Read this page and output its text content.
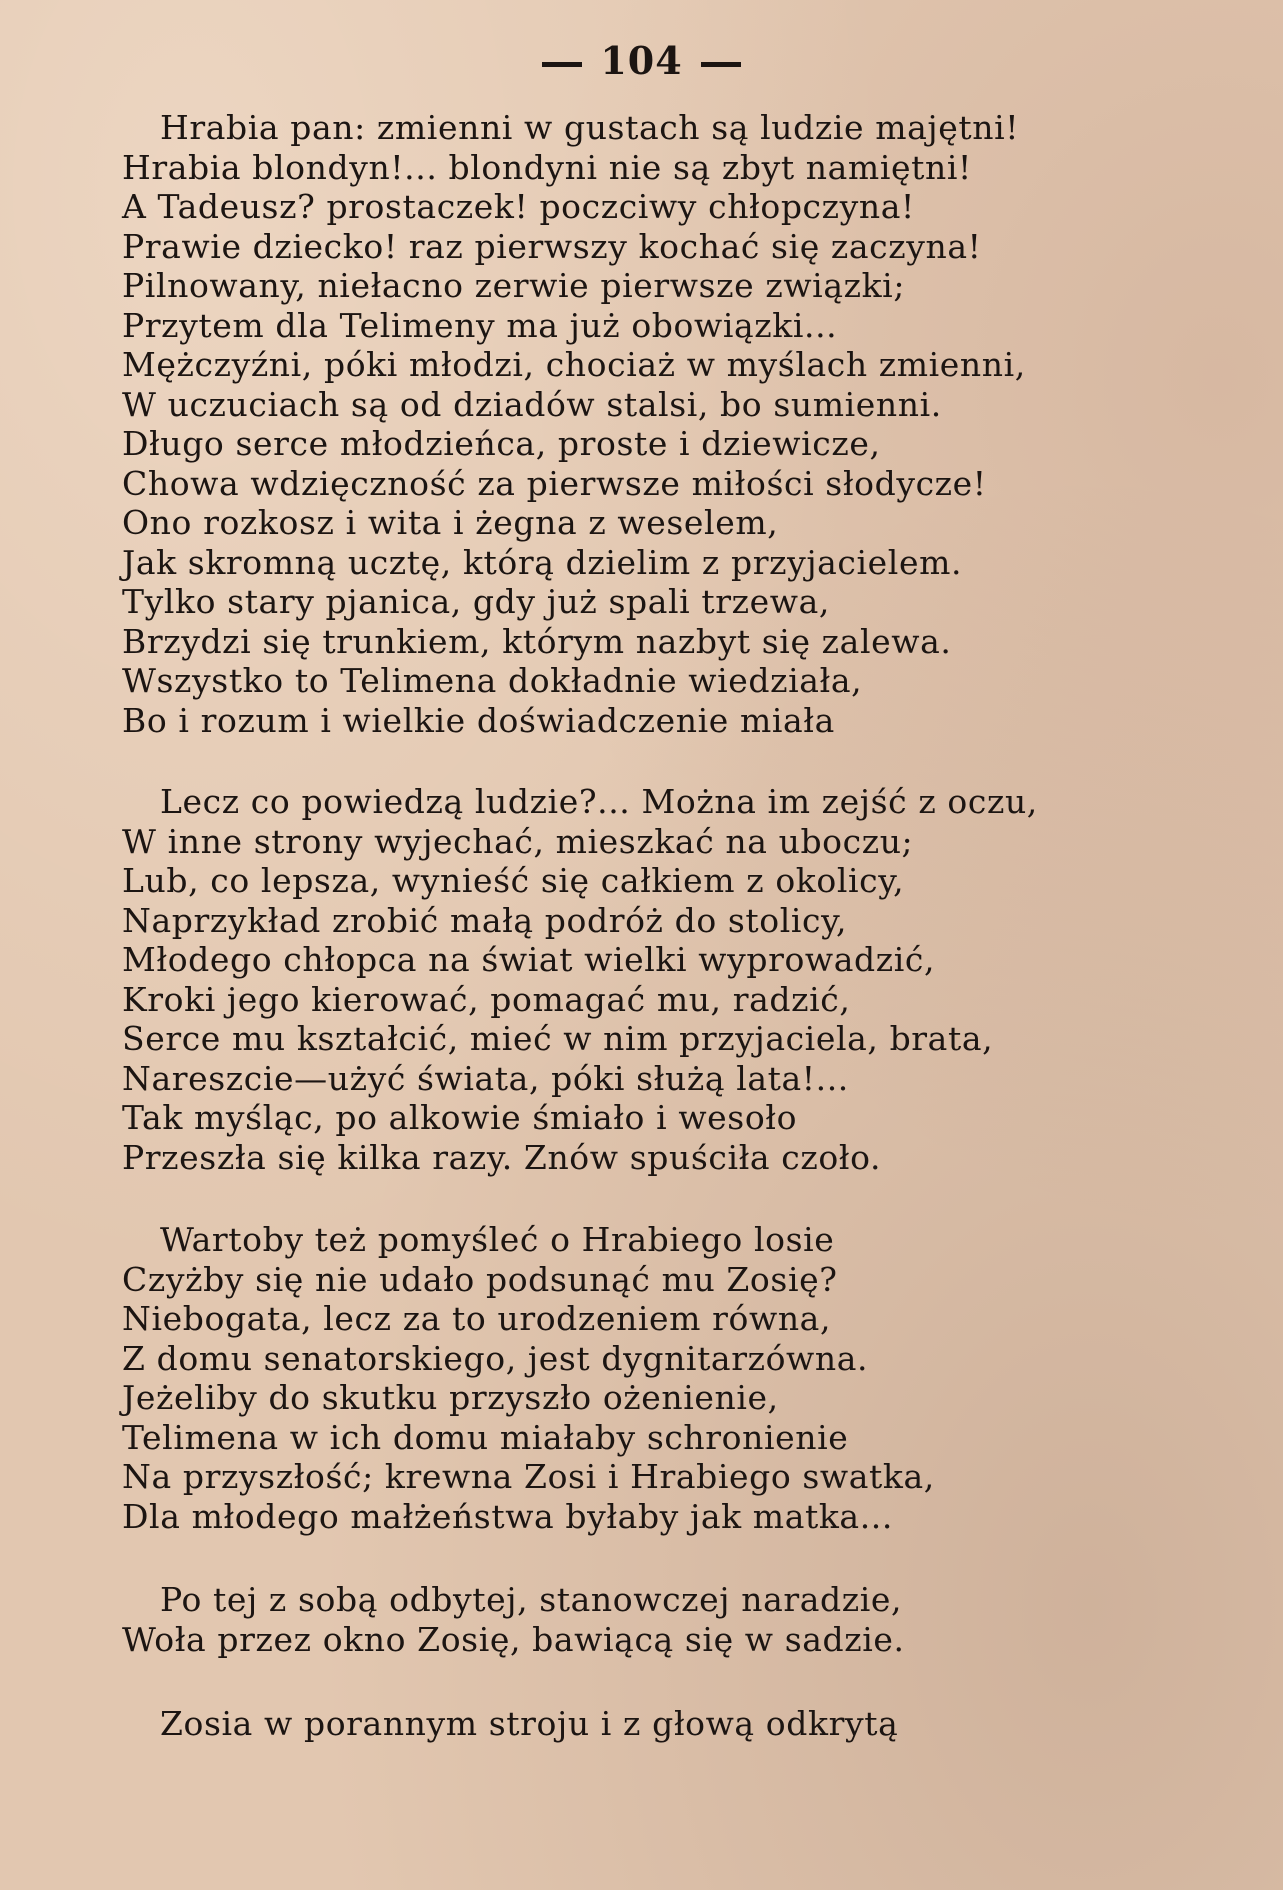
104
Hrabia pan: zmienni w gustach są ludzie majętni!
Hrabia blondyn!... blondyni nie są zbyt namiętni!
A Tadeusz? prostaczek! poczciwy chłopczyna!
Prawie dziecko! raz pierwszy kochać się zaczyna!
Pilnowany, niełacno zerwie pierwsze związki;
Przytem dla Telimeny ma już obowiązki...
Mężczyźni, póki młodzi, chociaż w myślach zmienni,
W uczuciach są od dziadów stalsi, bo sumienni.
Długo serce młodzieńca, proste i dziewicze,
Chowa wdzięczność za pierwsze miłości słodycze!
Ono rozkosz i wita i żegna z weselem,
Jak skromną ucztę, którą dzielim z przyjacielem.
Tylko stary pjanica, gdy już spali trzewa,
Brzydzi się trunkiem, którym nazbyt się zalewa.
Wszystko to Telimena dokładnie wiedziała,
Bo i rozum i wielkie doświadczenie miała
Lecz co powiedzą ludzie?... Można im zejść z oczu,
W inne strony wyjechać, mieszkać na uboczu;
Lub, co lepsza, wynieść się całkiem z okolicy,
Naprzykład zrobić małą podróż do stolicy,
Młodego chłopca na świat wielki wyprowadzić,
Kroki jego kierować, pomagać mu, radzić,
Serce mu kształcić, mieć w nim przyjaciela, brata,
Nareszcie—użyć świata, póki służą lata!...
Tak myśląc, po alkowie śmiało i wesoło
Przeszła się kilka razy. Znów spuściła czoło.
Wartoby też pomyśleć o Hrabiego losie
Czyżby się nie udało podsunąć mu Zosię?
Niebogata, lecz za to urodzeniem równa,
Z domu senatorskiego, jest dygnitarzówna.
Jeżeliby do skutku przyszło ożenienie,
Telimena w ich domu miałaby schronienie
Na przyszłość; krewna Zosi i Hrabiego swatka,
Dla młodego małżeństwa byłaby jak matka...
Po tej z sobą odbytej, stanowczej naradzie,
Woła przez okno Zosię, bawiącą się w sadzie.
Zosia w porannym stroju i z głową odkrytą
